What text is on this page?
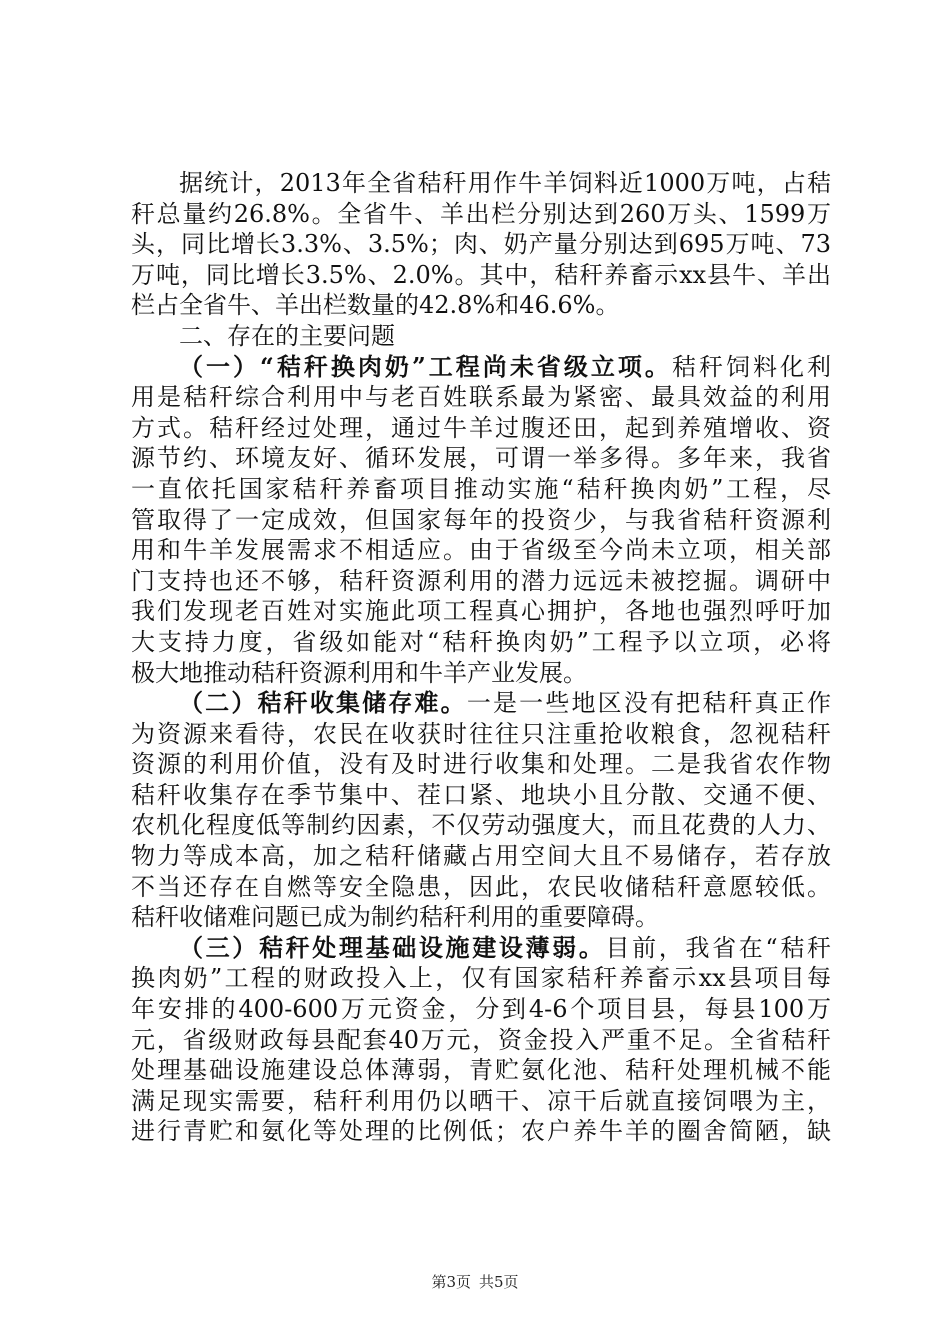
据统计，2013年全省秸秆用作牛羊饲料近1000万吨，占秸
秆总量约26.8%。全省牛、羊出栏分别达到260万头、1599万
头，同比增长3.3%、3.5%；肉、奶产量分别达到695万吨、73
万吨，同比增长3.5%、2.0%。其中，秸秆养畜示xx县牛、羊出
栏占全省牛、羊出栏数量的42.8%和46.6%。
二、存在的主要问题
（一）“秸秆换肉奶”工程尚未省级立项。秸秆饲料化利
用是秸秆综合利用中与老百姓联系最为紧密、最具效益的利用
方式。秸秆经过处理，通过牛羊过腹还田，起到养殖增收、资
源节约、环境友好、循环发展，可谓一举多得。多年来，我省
一直依托国家秸秆养畜项目推动实施“秸秆换肉奶”工程，尽
管取得了一定成效，但国家每年的投资少，与我省秸秆资源利
用和牛羊发展需求不相适应。由于省级至今尚未立项，相关部
门支持也还不够，秸秆资源利用的潜力远远未被挖掘。调研中
我们发现老百姓对实施此项工程真心拥护，各地也强烈呼吁加
大支持力度，省级如能对“秸秆换肉奶”工程予以立项，必将
极大地推动秸秆资源利用和牛羊产业发展。
（二）秸秆收集储存难。一是一些地区没有把秸秆真正作
为资源来看待，农民在收获时往往只注重抢收粮食，忽视秸秆
资源的利用价值，没有及时进行收集和处理。二是我省农作物
秸秆收集存在季节集中、茬口紧、地块小且分散、交通不便、
农机化程度低等制约因素，不仅劳动强度大，而且花费的人力、
物力等成本高，加之秸秆储藏占用空间大且不易储存，若存放
不当还存在自燃等安全隐患，因此，农民收储秸秆意愿较低。
秸秆收储难问题已成为制约秸秆利用的重要障碍。
（三）秸秆处理基础设施建设薄弱。目前，我省在“秸秆
换肉奶”工程的财政投入上，仅有国家秸秆养畜示xx县项目每
年安排的400-600万元资金，分到4-6个项目县，每县100万
元，省级财政每县配套40万元，资金投入严重不足。全省秸秆
处理基础设施建设总体薄弱，青贮氨化池、秸秆处理机械不能
满足现实需要，秸秆利用仍以晒干、凉干后就直接饲喂为主，
进行青贮和氨化等处理的比例低；农户养牛羊的圈舍简陋，缺
第3页 共5页
